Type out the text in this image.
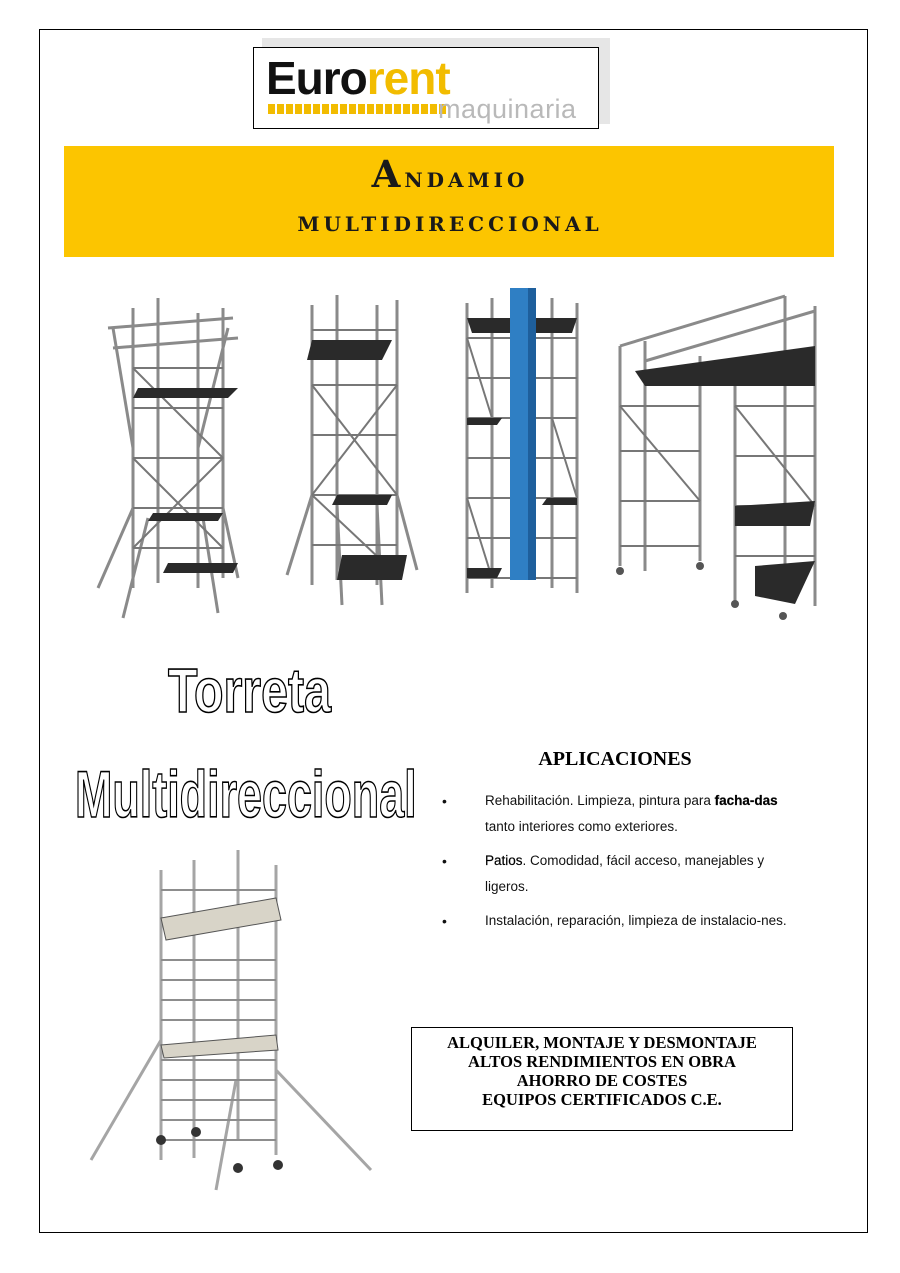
Eurorent
maquinaria
Andamio
multidireccional
Torreta
Multidireccional	APLICACIONES
•	Rehabilitación. Limpieza, pintura para facha-das tanto interiores como exteriores.
•	Patios. Comodidad, fácil acceso, manejables y ligeros.
•	Instalación, reparación, limpieza de instalacio-nes.
ALQUILER, MONTAJE Y DESMONTAJE
ALTOS RENDIMIENTOS EN OBRA
AHORRO DE COSTES
EQUIPOS CERTIFICADOS C.E.
